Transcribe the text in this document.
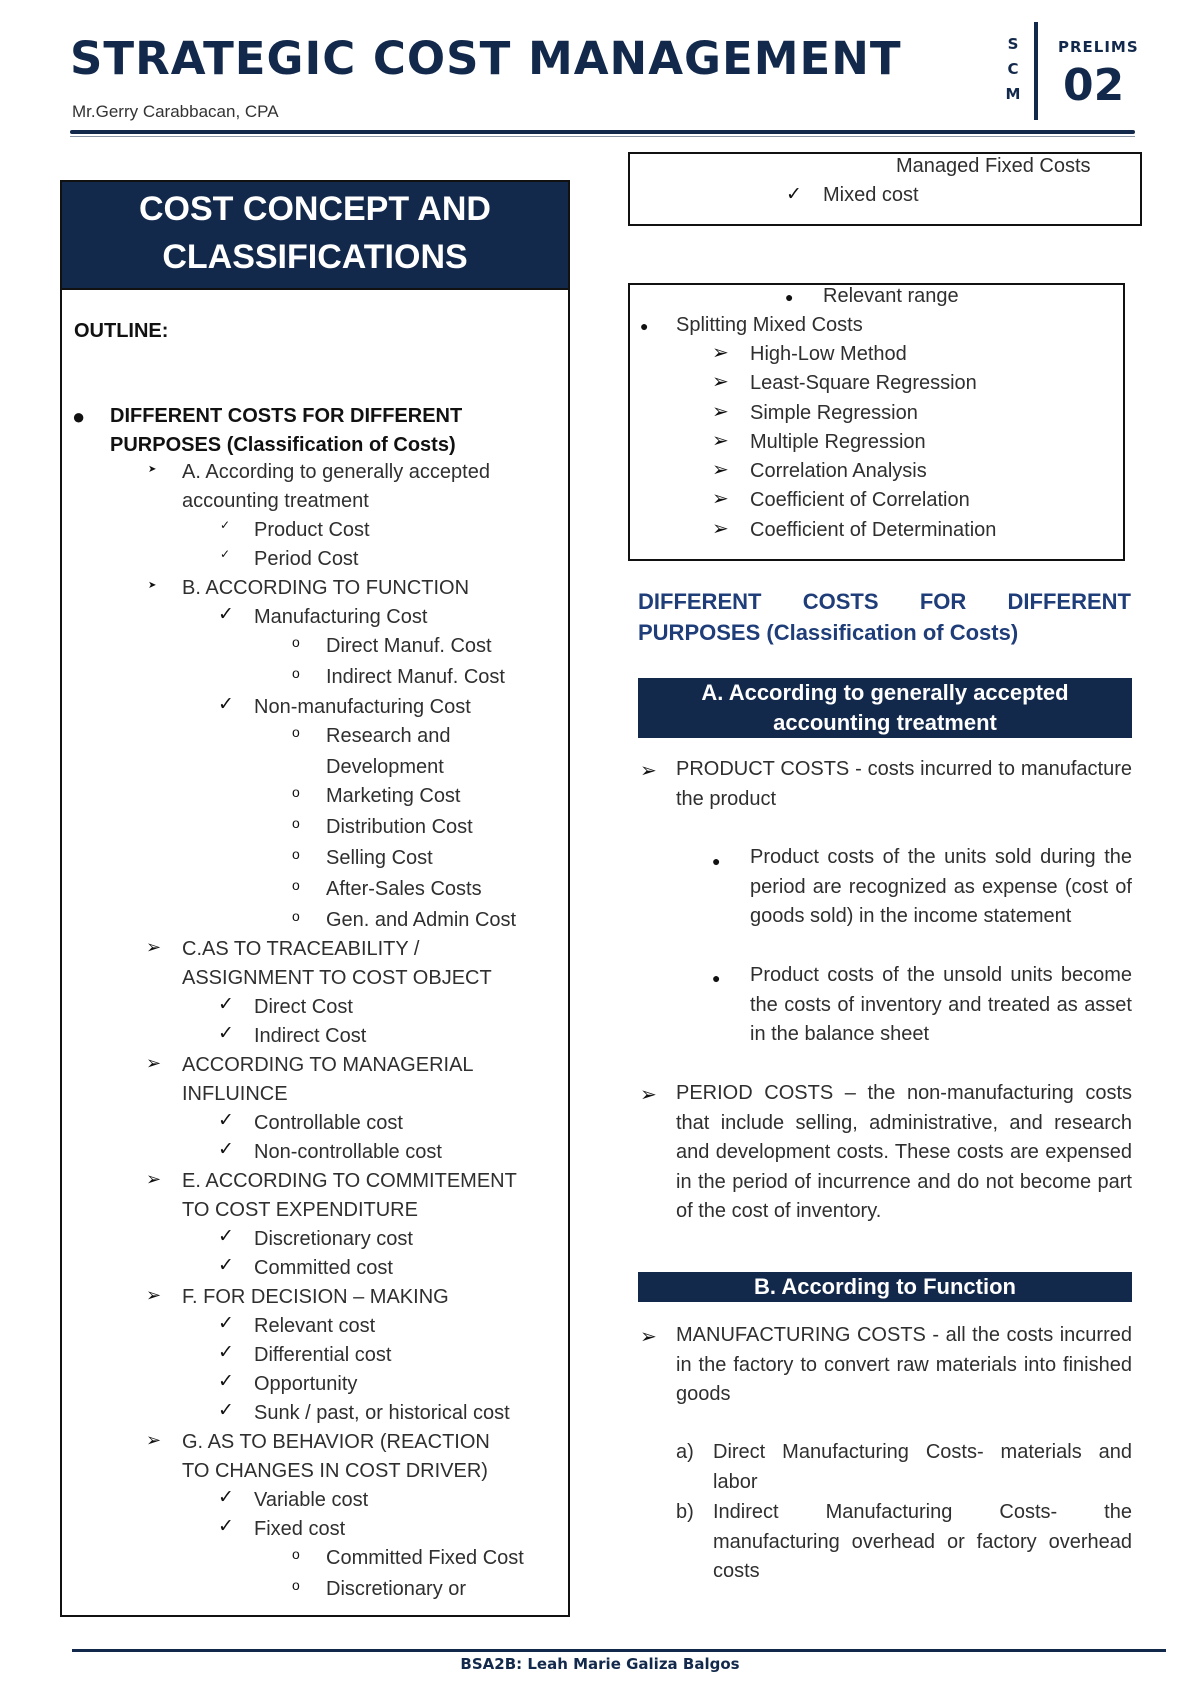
STRATEGIC COST MANAGEMENT
Mr.Gerry Carabbacan, CPA
S
C
M
PRELIMS
02
COST CONCEPT AND
CLASSIFICATIONS
OUTLINE:
● DIFFERENT COSTS FOR DIFFERENT
PURPOSES (Classification of Costs)
➤ A. According to generally accepted
accounting treatment
✓ Product Cost
✓ Period Cost
➤ B. ACCORDING TO FUNCTION
✓ Manufacturing Cost
o Direct Manuf. Cost
o Indirect Manuf. Cost
✓ Non-manufacturing Cost
o Research and
Development
o Marketing Cost
o Distribution Cost
o Selling Cost
o After-Sales Costs
o Gen. and Admin Cost
➢ C.AS TO TRACEABILITY /
ASSIGNMENT TO COST OBJECT
✓ Direct Cost
✓ Indirect Cost
➢ ACCORDING TO MANAGERIAL
INFLUINCE
✓ Controllable cost
✓ Non-controllable cost
➢ E. ACCORDING TO COMMITEMENT
TO COST EXPENDITURE
✓ Discretionary cost
✓ Committed cost
➢ F. FOR DECISION – MAKING
✓ Relevant cost
✓ Differential cost
✓ Opportunity
✓ Sunk / past, or historical cost
➢ G. AS TO BEHAVIOR (REACTION
TO CHANGES IN COST DRIVER)
✓ Variable cost
✓ Fixed cost
o Committed Fixed Cost
o Discretionary or
Managed Fixed Costs
✓ Mixed cost
● Relevant range
● Splitting Mixed Costs
➢ High-Low Method
➢ Least-Square Regression
➢ Simple Regression
➢ Multiple Regression
➢ Correlation Analysis
➢ Coefficient of Correlation
➢ Coefficient of Determination
DIFFERENT COSTS FOR DIFFERENT
PURPOSES (Classification of Costs)
A. According to generally accepted
accounting treatment
➢ PRODUCT COSTS - costs incurred to manufacture the product
● Product costs of the units sold during the period are recognized as expense (cost of goods sold) in the income statement
● Product costs of the unsold units become the costs of inventory and treated as asset in the balance sheet
➢ PERIOD COSTS – the non-manufacturing costs that include selling, administrative, and research and development costs. These costs are expensed in the period of incurrence and do not become part of the cost of inventory.
B. According to Function
➢ MANUFACTURING COSTS - all the costs incurred in the factory to convert raw materials into finished goods
a) Direct Manufacturing Costs- materials and labor
b) Indirect Manufacturing Costs- the manufacturing overhead or factory overhead costs
BSA2B: Leah Marie Galiza Balgos
